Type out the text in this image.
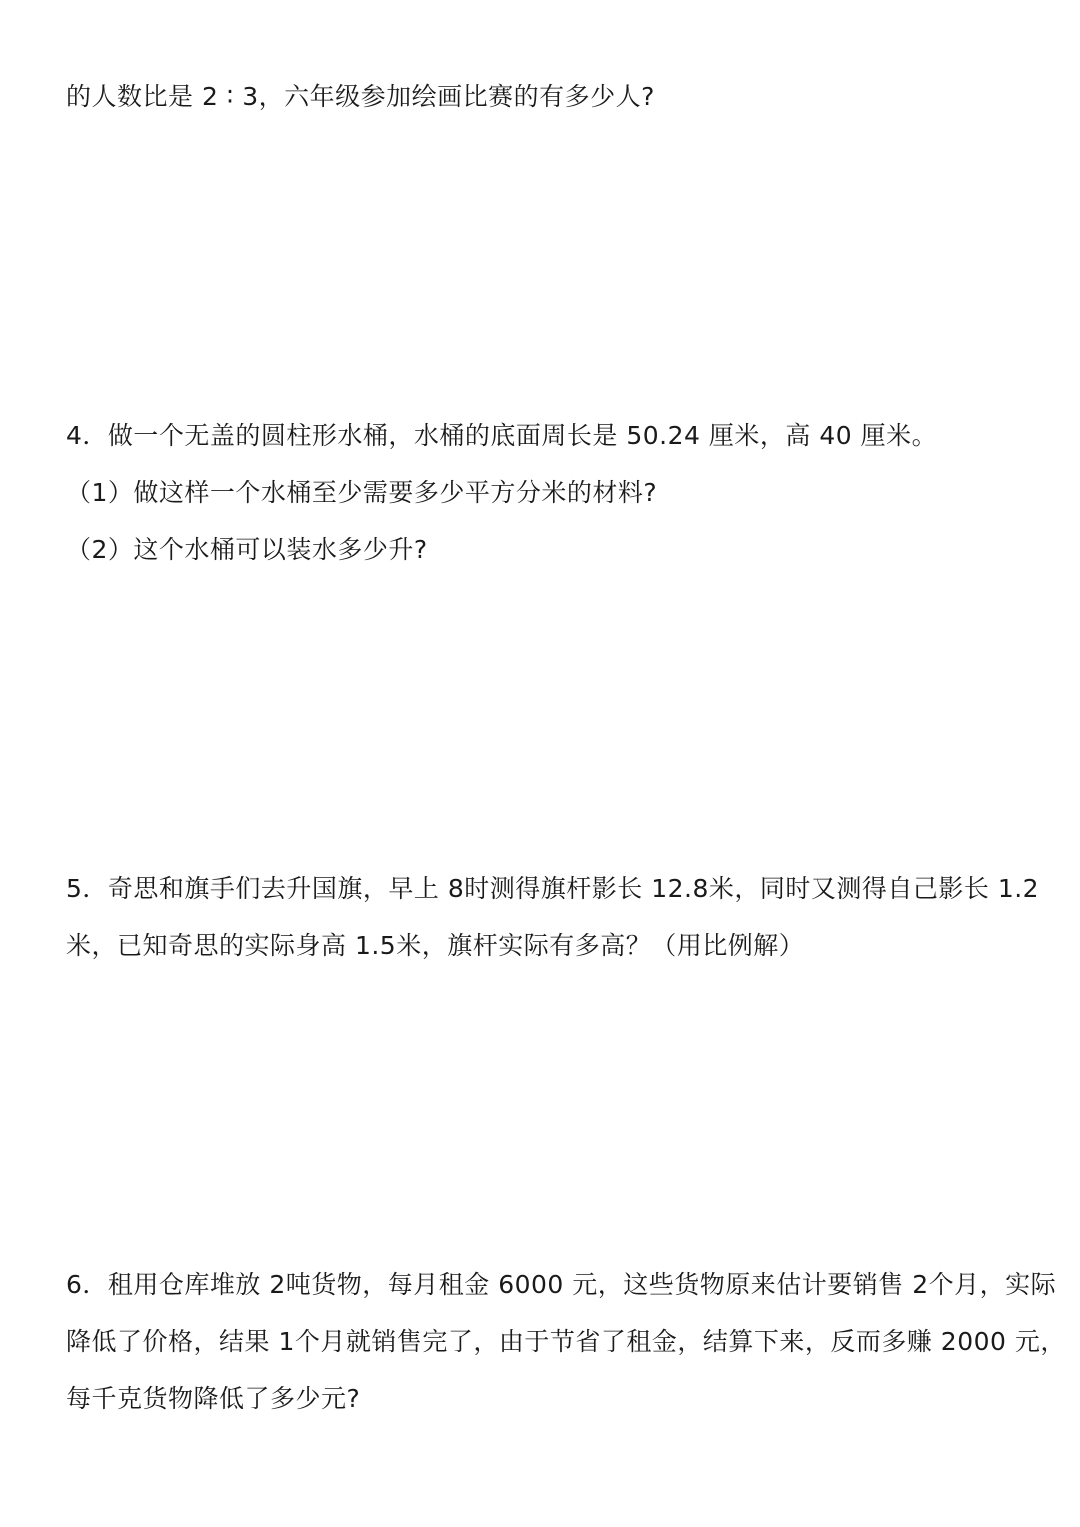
的人数比是 2 ∶ 3，六年级参加绘画比赛的有多少人?
4．做一个无盖的圆柱形水桶，水桶的底面周长是 50.24 厘米，高 40 厘米。
（1）做这样一个水桶至少需要多少平方分米的材料?
（2）这个水桶可以装水多少升?
5．奇思和旗手们去升国旗，早上 8时测得旗杆影长 12.8米，同时又测得自己影长 1.2
米，已知奇思的实际身高 1.5米，旗杆实际有多高？（用比例解）
6．租用仓库堆放 2吨货物，每月租金 6000 元，这些货物原来估计要销售 2个月，实际
降低了价格，结果 1个月就销售完了，由于节省了租金，结算下来，反而多赚 2000 元，
每千克货物降低了多少元?
